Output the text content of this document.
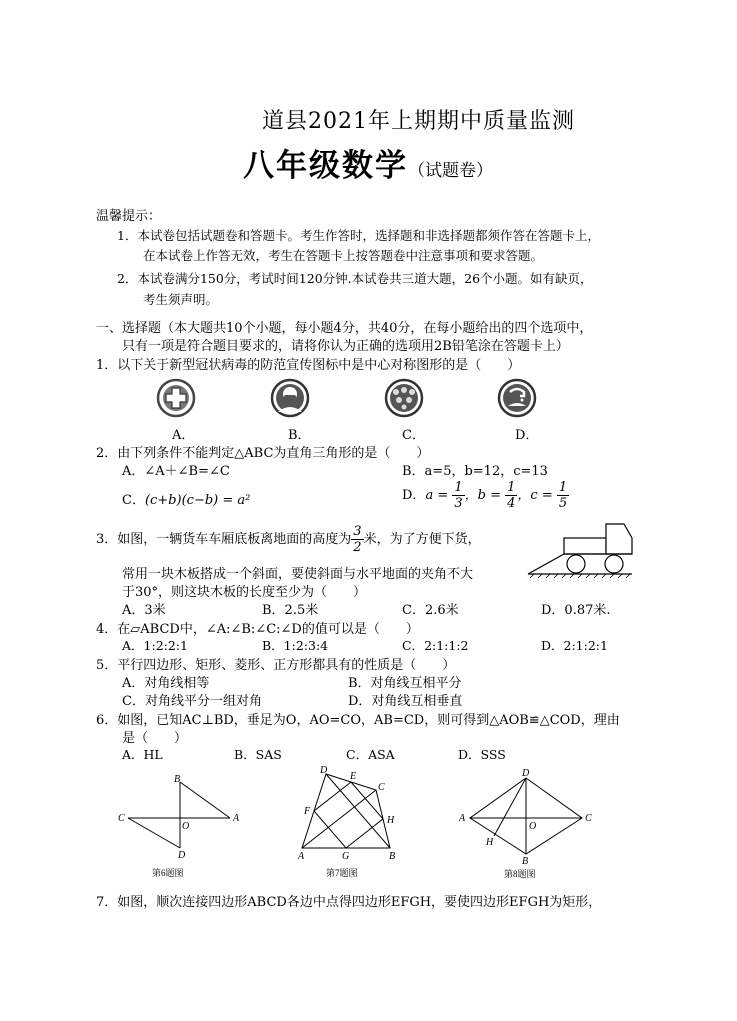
道县2021年上期期中质量监测
八年级数学（试题卷）
温馨提示：
1．本试卷包括试题卷和答题卡。考生作答时，选择题和非选择题都须作答在答题卡上，
在本试卷上作答无效，考生在答题卡上按答题卷中注意事项和要求答题。
2．本试卷满分150分，考试时间120分钟.本试卷共三道大题，26个小题。如有缺页，
考生须声明。
一、选择题（本大题共10个小题，每小题4分，共40分，在每小题给出的四个选项中，
只有一项是符合题目要求的，请将你认为正确的选项用2B铅笔涂在答题卡上）
1．以下关于新型冠状病毒的防范宣传图标中是中心对称图形的是（　　）
A．	B．	C．	D．
2．由下列条件不能判定△ABC为直角三角形的是（　　）
A．∠A＋∠B=∠C	B．a=5，b=12，c=13
C．(c+b)(c−b) = a²	D．$a = \frac{1}{3}$ ，$b = \frac{1}{4}$ ，$c = \frac{1}{5}$
3．如图，一辆货车车厢底板离地面的高度为 $\frac{3}{2}$ 米，为了方便下货，
常用一块木板搭成一个斜面，要使斜面与水平地面的夹角不大
于30°，则这块木板的长度至少为（　　）
A．3米	B．2.5米	C．2.6米	D．0.87米.
4．在▱ABCD中，∠A:∠B:∠C:∠D的值可以是（　　）
A．1:2:2:1	B．1:2:3:4	C．2:1:1:2	D．2:1:2:1
5．平行四边形、矩形、菱形、正方形都具有的性质是（　　）
A．对角线相等	B．对角线互相平分
C．对角线平分一组对角	D．对角线互相垂直
6．如图，已知AC⊥BD，垂足为O，AO=CO，AB=CD，则可得到△AOB≌△COD，理由
是（　　）
A．HL	B．SAS	C．ASA	D．SSS
B
C
O
A
D
第6题图
D
E
C
F
H
A	G	B
第7题图
D
A
O
C
H
B
第8题图
7．如图，顺次连接四边形ABCD各边中点得四边形EFGH，要使四边形EFGH为矩形，
